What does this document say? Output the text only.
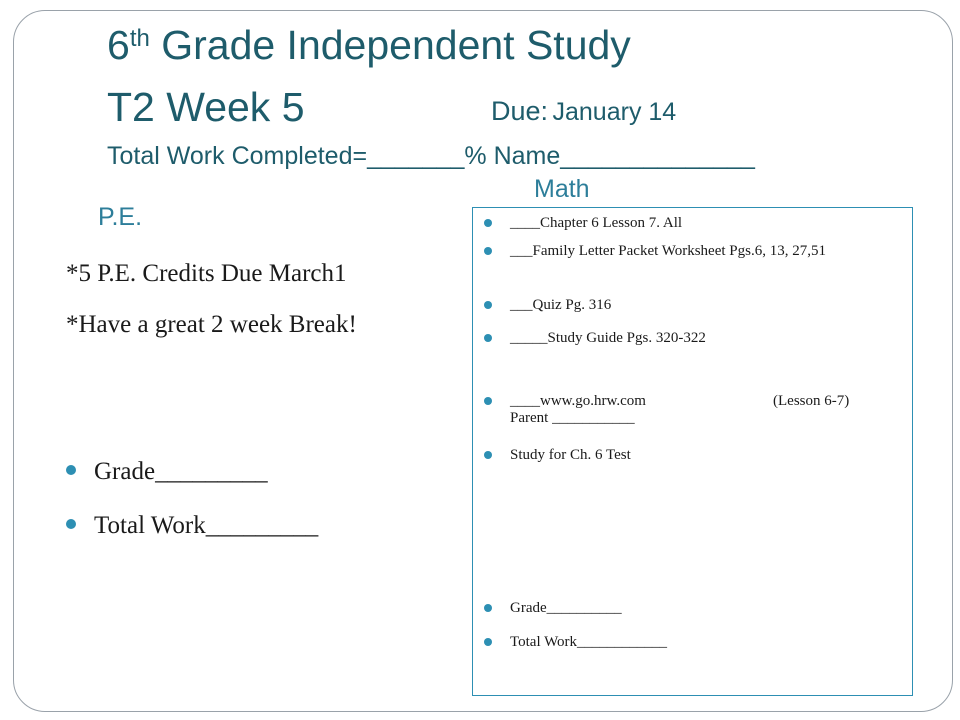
6th Grade Independent Study
T2 Week 5	Due: January 14
Total Work Completed=_______% Name______________
Math
P.E.
*5 P.E. Credits Due March1
*Have a great 2 week Break!
Grade_________
Total Work_________
____Chapter 6 Lesson 7. All
___Family Letter Packet Worksheet Pgs.6, 13, 27,51
___Quiz Pg. 316
_____Study Guide Pgs. 320-322
____www.go.hrw.com	(Lesson 6-7)

Parent ___________
Study for Ch. 6 Test
Grade__________
Total Work____________
